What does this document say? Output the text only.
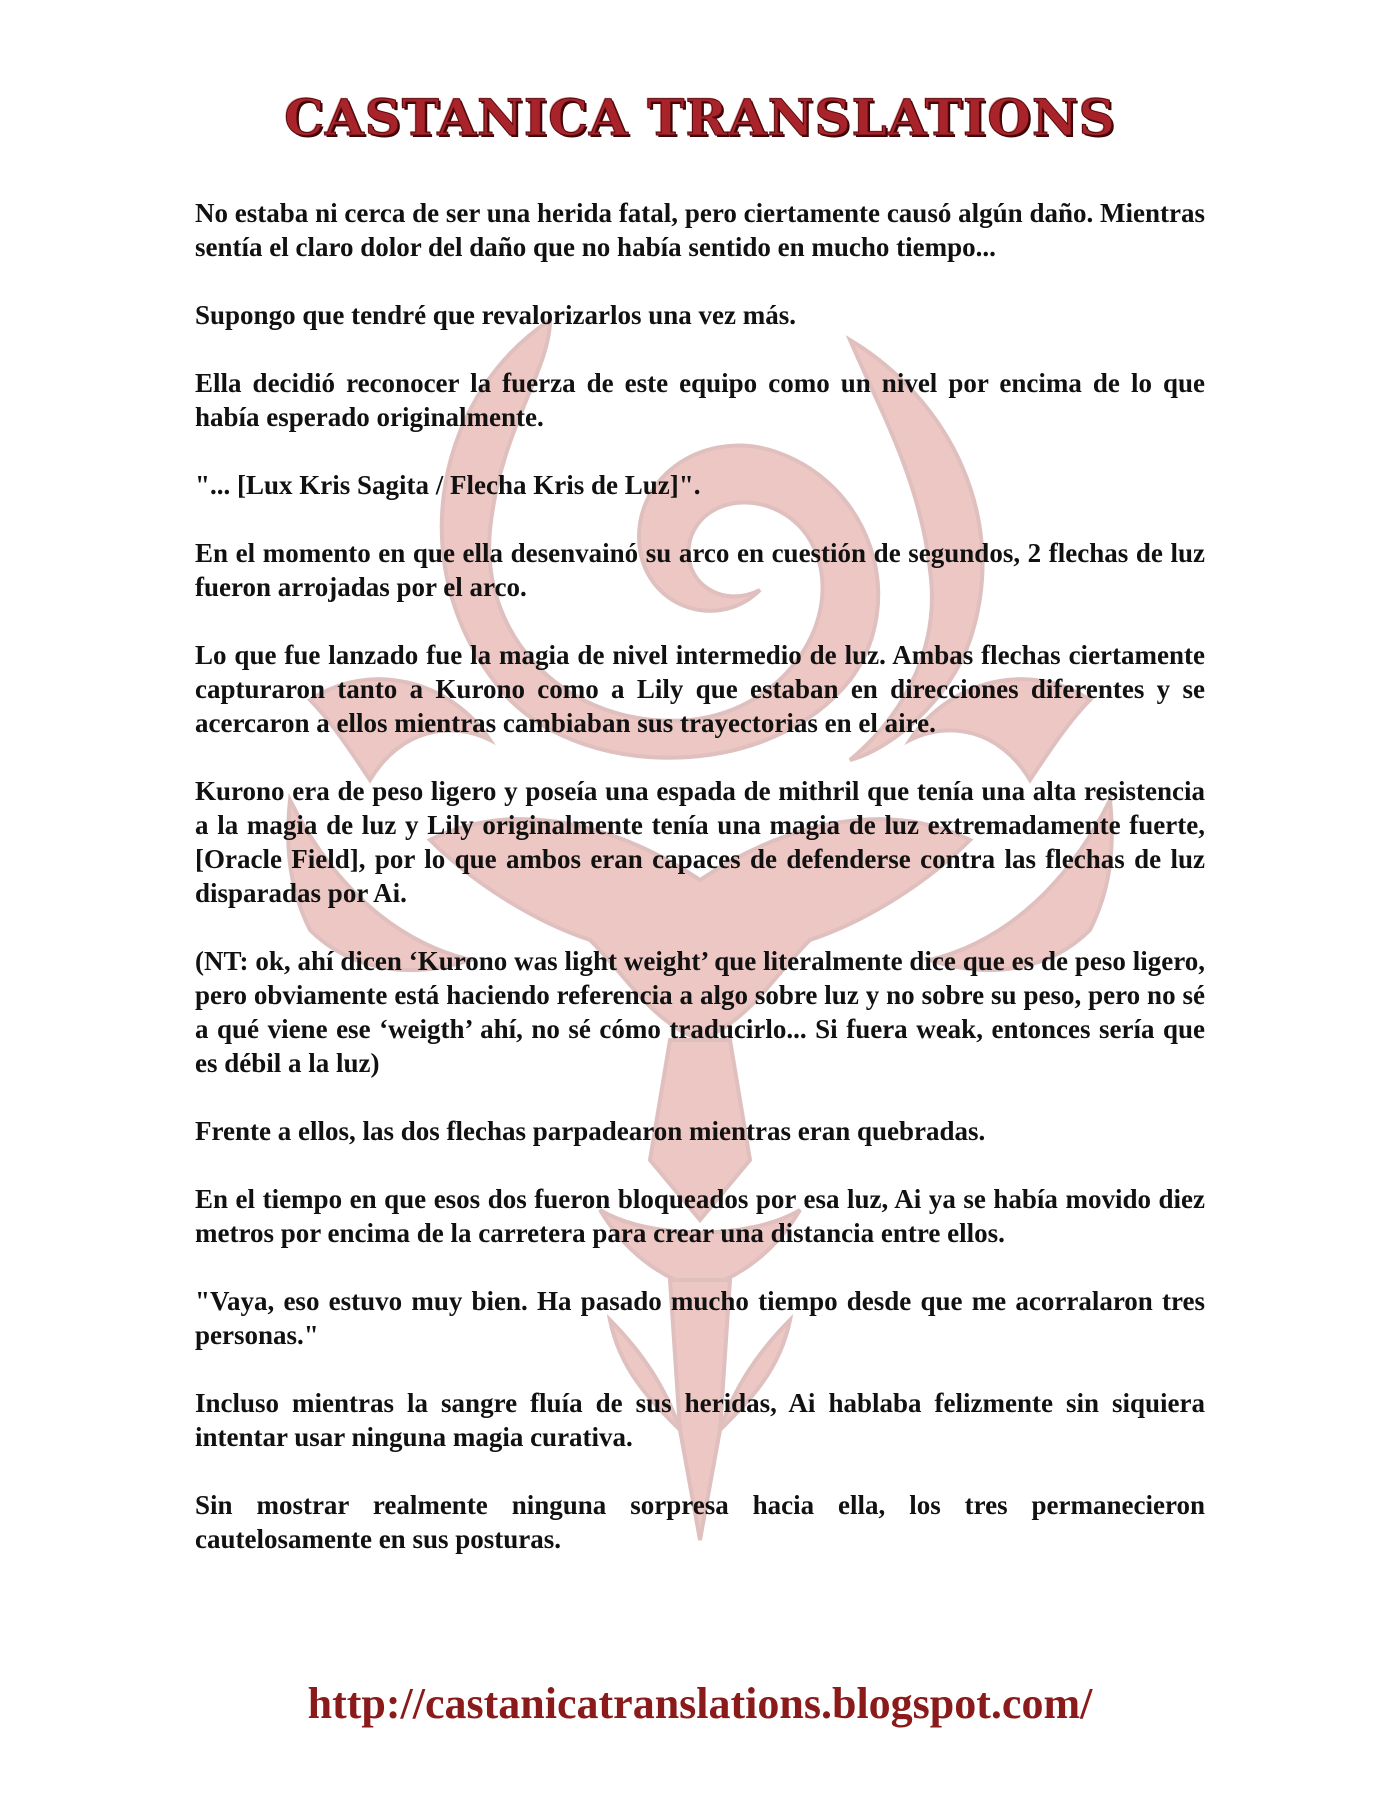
CASTANICA TRANSLATIONS

No estaba ni cerca de ser una herida fatal, pero ciertamente causó algún daño. Mientras sentía el claro dolor del daño que no había sentido en mucho tiempo...

Supongo que tendré que revalorizarlos una vez más.

Ella decidió reconocer la fuerza de este equipo como un nivel por encima de lo que había esperado originalmente.

"... [Lux Kris Sagita / Flecha Kris de Luz]".

En el momento en que ella desenvainó su arco en cuestión de segundos, 2 flechas de luz fueron arrojadas por el arco.

Lo que fue lanzado fue la magia de nivel intermedio de luz. Ambas flechas ciertamente capturaron tanto a Kurono como a Lily que estaban en direcciones diferentes y se acercaron a ellos mientras cambiaban sus trayectorias en el aire.

Kurono era de peso ligero y poseía una espada de mithril que tenía una alta resistencia a la magia de luz y Lily originalmente tenía una magia de luz extremadamente fuerte, [Oracle Field], por lo que ambos eran capaces de defenderse contra las flechas de luz disparadas por Ai.

(NT: ok, ahí dicen ‘Kurono was light weight’ que literalmente dice que es de peso ligero, pero obviamente está haciendo referencia a algo sobre luz y no sobre su peso, pero no sé a qué viene ese ‘weigth’ ahí, no sé cómo traducirlo... Si fuera weak, entonces sería que es débil a la luz)

Frente a ellos, las dos flechas parpadearon mientras eran quebradas.

En el tiempo en que esos dos fueron bloqueados por esa luz, Ai ya se había movido diez metros por encima de la carretera para crear una distancia entre ellos.

"Vaya, eso estuvo muy bien. Ha pasado mucho tiempo desde que me acorralaron tres personas."

Incluso mientras la sangre fluía de sus heridas, Ai hablaba felizmente sin siquiera intentar usar ninguna magia curativa.

Sin mostrar realmente ninguna sorpresa hacia ella, los tres permanecieron cautelosamente en sus posturas.

http://castanicatranslations.blogspot.com/
